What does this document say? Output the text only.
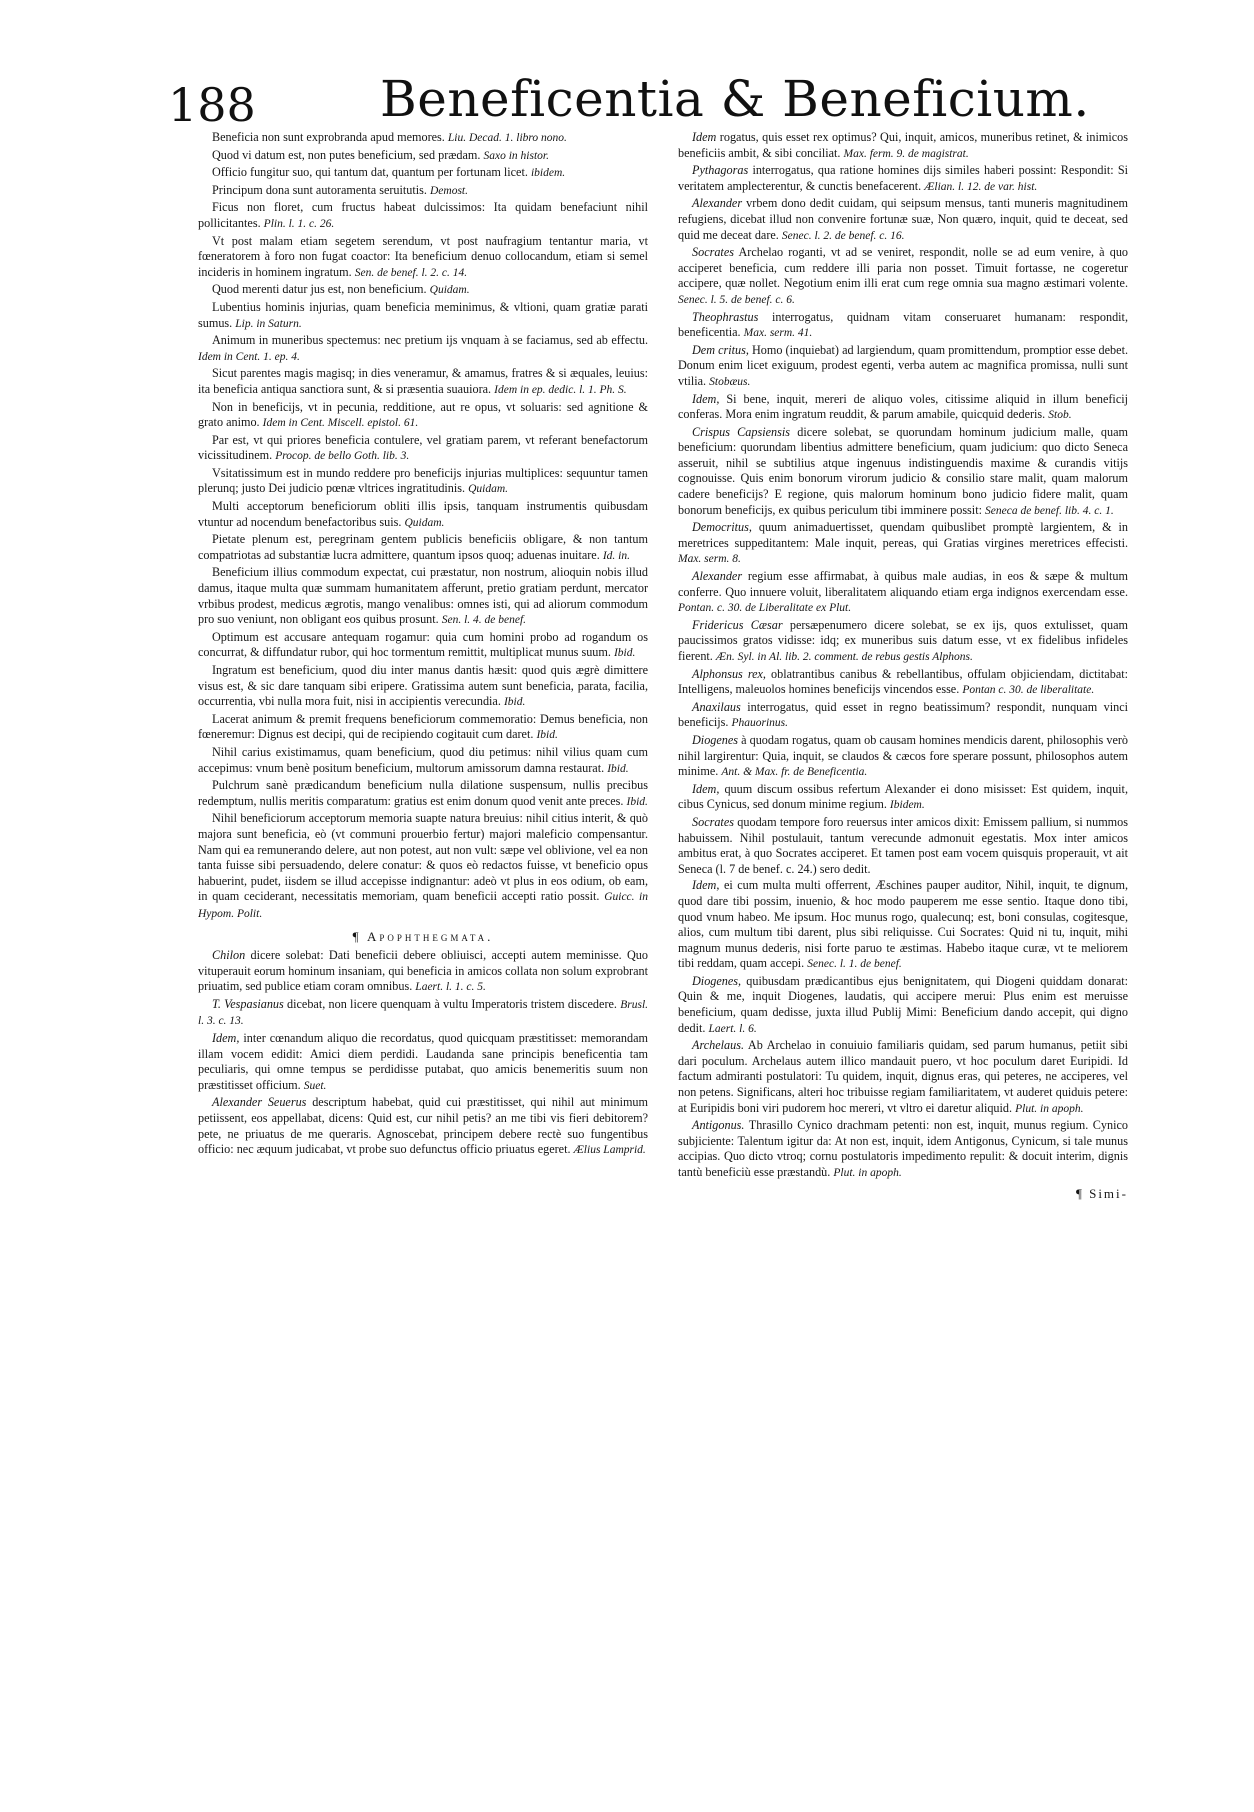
188 Beneficentia & Beneficium.

Beneficia non sunt exprobranda apud memores. Liu. Decad. 1. libro nono.

Quod vi datum est, non putes beneficium, sed prædam. Saxo in histor.

Officio fungitur suo, qui tantum dat, quantum per fortunam licet. ibidem.

Principum dona sunt autoramenta seruitutis. Demost.

Ficus non floret, cum fructus habeat dulcissimos: Ita quidam benefaciunt nihil pollicitantes. Plin. l. 1. c. 26.

Vt post malam etiam segetem serendum, vt post naufragium tentantur maria, vt fœneratorem à foro non fugat coactor: Ita beneficium denuo collocandum, etiam si semel incideris in hominem ingratum. Sen. de benef. l. 2. c. 14.

Quod merenti datur jus est, non beneficium. Quidam.

Lubentius hominis injurias, quam beneficia meminimus, & vltioni, quam gratiæ parati sumus. Lip. in Saturn.

Animum in muneribus spectemus: nec pretium ijs vnquam à se faciamus, sed ab effectu. Idem in Cent. 1. ep. 4.

Sicut parentes magis magisq; in dies veneramur, & amamus, fratres & si æquales, leuius: ita beneficia antiqua sanctiora sunt, & si præsentia suauiora. Idem in ep. dedic. l. 1. Ph. S.

Non in beneficijs, vt in pecunia, redditione, aut re opus, vt soluaris: sed agnitione & grato animo. Idem in Cent. Miscell. epistol. 61.

Par est, vt qui priores beneficia contulere, vel gratiam parem, vt referant benefactorum vicissitudinem. Procop. de bello Goth. lib. 3.

Vsitatissimum est in mundo reddere pro beneficijs injurias multiplices: sequuntur tamen plerunq; justo Dei judicio pœnæ vltrices ingratitudinis. Quidam.

Multi acceptorum beneficiorum obliti illis ipsis, tanquam instrumentis quibusdam vtuntur ad nocendum benefactoribus suis. Quidam.

Pietate plenum est, peregrinam gentem publicis beneficiis obligare, & non tantum compatriotas ad substantiæ lucra admittere, quantum ipsos quoq; aduenas inuitare. Id. in.

Beneficium illius commodum expectat, cui præstatur, non nostrum, alioquin nobis illud damus, itaque multa quæ summam humanitatem afferunt, pretio gratiam perdunt, mercator vrbibus prodest, medicus ægrotis, mango venalibus: omnes isti, qui ad aliorum commodum pro suo veniunt, non obligant eos quibus prosunt. Sen. l. 4. de benef.

Optimum est accusare antequam rogamur: quia cum homini probo ad rogandum os concurrat, & diffundatur rubor, qui hoc tormentum remittit, multiplicat munus suum. Ibid.

Ingratum est beneficium, quod diu inter manus dantis hæsit: quod quis ægrè dimittere visus est, & sic dare tanquam sibi eripere. Gratissima autem sunt beneficia, parata, facilia, occurrentia, vbi nulla mora fuit, nisi in accipientis verecundia. Ibid.

Lacerat animum & premit frequens beneficiorum commemoratio: Demus beneficia, non fœneremur: Dignus est decipi, qui de recipiendo cogitauit cum daret. Ibid.

Nihil carius existimamus, quam beneficium, quod diu petimus: nihil vilius quam cum accepimus: vnum benè positum beneficium, multorum amissorum damna restaurat. Ibid.

Pulchrum sanè prædicandum beneficium nulla dilatione suspensum, nullis precibus redemptum, nullis meritis comparatum: gratius est enim donum quod venit ante preces. Ibid.

Nihil beneficiorum acceptorum memoria suapte natura breuius: nihil citius interit, & quò majora sunt beneficia, eò (vt communi prouerbio fertur) majori maleficio compensantur. Nam qui ea remunerando delere, aut non potest, aut non vult: sæpe vel oblivione, vel ea non tanta fuisse sibi persuadendo, delere conatur: & quos eò redactos fuisse, vt beneficio opus habuerint, pudet, iisdem se illud accepisse indignantur: adeò vt plus in eos odium, ob eam, in quam ceciderant, necessitatis memoriam, quam beneficii accepti ratio possit. Guicc. in Hypom. Polit.

¶ Apophthegmata.

Chilon dicere solebat: Dati beneficii debere obliuisci, accepti autem meminisse. Quo vituperauit eorum hominum insaniam, qui beneficia in amicos collata non solum exprobrant priuatim, sed publice etiam coram omnibus. Laert. l. 1. c. 5.

T. Vespasianus dicebat, non licere quenquam à vultu Imperatoris tristem discedere. Brusl. l. 3. c. 13.

Idem, inter cœnandum aliquo die recordatus, quod quicquam præstitisset: memorandam illam vocem edidit: Amici diem perdidi. Laudanda sane principis beneficentia tam peculiaris, qui omne tempus se perdidisse putabat, quo amicis benemeritis suum non præstitisset officium. Suet.

Alexander Seuerus descriptum habebat, quid cui præstitisset, qui nihil aut minimum petiissent, eos appellabat, dicens: Quid est, cur nihil petis? an me tibi vis fieri debitorem? pete, ne priuatus de me queraris. Agnoscebat, principem debere rectè suo fungentibus officio: nec æquum judicabat, vt probe suo defunctus officio priuatus egeret. Ælius Lamprid.

Idem rogatus, quis esset rex optimus? Qui, inquit, amicos, muneribus retinet, & inimicos beneficiis ambit, & sibi conciliat. Max. ferm. 9. de magistrat.

Pythagoras interrogatus, qua ratione homines dijs similes haberi possint: Respondit: Si veritatem amplecterentur, & cunctis benefacerent. Ælian. l. 12. de var. hist.

Alexander vrbem dono dedit cuidam, qui seipsum mensus, tanti muneris magnitudinem refugiens, dicebat illud non convenire fortunæ suæ, Non quæro, inquit, quid te deceat, sed quid me deceat dare. Senec. l. 2. de benef. c. 16.

Socrates Archelao roganti, vt ad se veniret, respondit, nolle se ad eum venire, à quo acciperet beneficia, cum reddere illi paria non posset. Timuit fortasse, ne cogeretur accipere, quæ nollet. Negotium enim illi erat cum rege omnia sua magno æstimari volente. Senec. l. 5. de benef. c. 6.

Theophrastus interrogatus, quidnam vitam conseruaret humanam: respondit, beneficentia. Max. serm. 41.

Dem critus, Homo (inquiebat) ad largiendum, quam promittendum, promptior esse debet. Donum enim licet exiguum, prodest egenti, verba autem ac magnifica promissa, nulli sunt vtilia. Stobæus.

Idem, Si bene, inquit, mereri de aliquo voles, citissime aliquid in illum beneficij conferas. Mora enim ingratum reuddit, & parum amabile, quicquid dederis. Stob.

Crispus Capsiensis dicere solebat, se quorundam hominum judicium malle, quam beneficium: quorundam libentius admittere beneficium, quam judicium: quo dicto Seneca asseruit, nihil se subtilius atque ingenuus indistinguendis maxime & curandis vitijs cognouisse. Quis enim bonorum virorum judicio & consilio stare malit, quam malorum cadere beneficijs? E regione, quis malorum hominum bono judicio fidere malit, quam bonorum beneficijs, ex quibus periculum tibi imminere possit: Seneca de benef. lib. 4. c. 1.

Democritus, quum animaduertisset, quendam quibuslibet promptè largientem, & in meretrices suppeditantem: Male inquit, pereas, qui Gratias virgines meretrices effecisti. Max. serm. 8.

Alexander regium esse affirmabat, à quibus male audias, in eos & sæpe & multum conferre. Quo innuere voluit, liberalitatem aliquando etiam erga indignos exercendam esse. Pontan. c. 30. de Liberalitate ex Plut.

Fridericus Cæsar persæpenumero dicere solebat, se ex ijs, quos extulisset, quam paucissimos gratos vidisse: idq; ex muneribus suis datum esse, vt ex fidelibus infideles fierent. Æn. Syl. in Al. lib. 2. comment. de rebus gestis Alphons.

Alphonsus rex, oblatrantibus canibus & rebellantibus, offulam objiciendam, dictitabat: Intelligens, maleuolos homines beneficijs vincendos esse. Pontan c. 30. de liberalitate.

Anaxilaus interrogatus, quid esset in regno beatissimum? respondit, nunquam vinci beneficijs. Phauorinus.

Diogenes à quodam rogatus, quam ob causam homines mendicis darent, philosophis verò nihil largirentur: Quia, inquit, se claudos & cæcos fore sperare possunt, philosophos autem minime. Ant. & Max. fr. de Beneficentia.

Idem, quum discum ossibus refertum Alexander ei dono misisset: Est quidem, inquit, cibus Cynicus, sed donum minime regium. Ibidem.

Socrates quodam tempore foro reuersus inter amicos dixit: Emissem pallium, si nummos habuissem. Nihil postulauit, tantum verecunde admonuit egestatis. Mox inter amicos ambitus erat, à quo Socrates acciperet. Et tamen post eam vocem quisquis properauit, vt ait Seneca (l. 7 de benef. c. 24.) sero dedit.

Idem, ei cum multa multi offerrent, Æschines pauper auditor, Nihil, inquit, te dignum, quod dare tibi possim, inuenio, & hoc modo pauperem me esse sentio. Itaque dono tibi, quod vnum habeo. Me ipsum. Hoc munus rogo, qualecunq; est, boni consulas, cogitesque, alios, cum multum tibi darent, plus sibi reliquisse. Cui Socrates: Quid ni tu, inquit, mihi magnum munus dederis, nisi forte paruo te æstimas. Habebo itaque curæ, vt te meliorem tibi reddam, quam accepi. Senec. l. 1. de benef.

Diogenes, quibusdam prædicantibus ejus benignitatem, qui Diogeni quiddam donarat: Quin & me, inquit Diogenes, laudatis, qui accipere merui: Plus enim est meruisse beneficium, quam dedisse, juxta illud Publij Mimi: Beneficium dando accepit, qui digno dedit. Laert. l. 6.

Archelaus. Ab Archelao in conuiuio familiaris quidam, sed parum humanus, petiit sibi dari poculum. Archelaus autem illico mandauit puero, vt hoc poculum daret Euripidi. Id factum admiranti postulatori: Tu quidem, inquit, dignus eras, qui peteres, ne acciperes, vel non petens. Significans, alteri hoc tribuisse regiam familiaritatem, vt auderet quiduis petere: at Euripidis boni viri pudorem hoc mereri, vt vltro ei daretur aliquid. Plut. in apoph.

Antigonus. Thrasillo Cynico drachmam petenti: non est, inquit, munus regium. Cynico subjiciente: Talentum igitur da: At non est, inquit, idem Antigonus, Cynicum, si tale munus accipias. Quo dicto vtroq; cornu postulatoris impedimento repulit: & docuit interim, dignis tantù beneficiù esse præstandù. Plut. in apoph.

¶ Simi-
